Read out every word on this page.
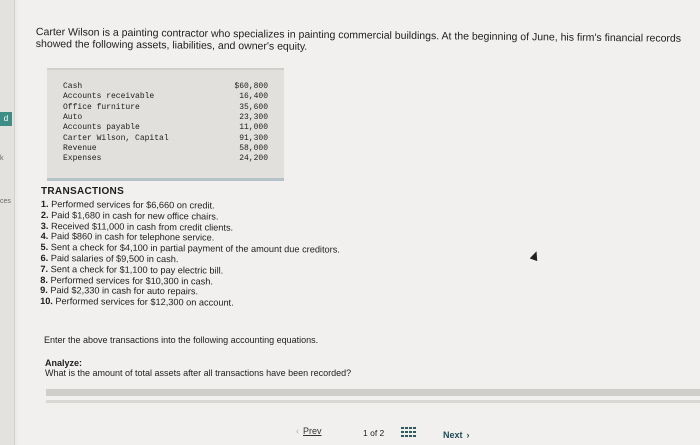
d
k
ces
Carter Wilson is a painting contractor who specializes in painting commercial buildings. At the beginning of June, his firm's financial records showed the following assets, liabilities, and owner's equity.
Cash	$60,800
Accounts receivable	16,400
Office furniture	35,600
Auto	23,300
Accounts payable	11,000
Carter Wilson, Capital	91,300
Revenue	58,000
Expenses	24,200
TRANSACTIONS
1. Performed services for $6,660 on credit.
2. Paid $1,680 in cash for new office chairs.
3. Received $11,000 in cash from credit clients.
4. Paid $860 in cash for telephone service.
5. Sent a check for $4,100 in partial payment of the amount due creditors.
6. Paid salaries of $9,500 in cash.
7. Sent a check for $1,100 to pay electric bill.
8. Performed services for $10,300 in cash.
9. Paid $2,330 in cash for auto repairs.
10. Performed services for $12,300 on account.
Enter the above transactions into the following accounting equations.
Analyze:
What is the amount of total assets after all transactions have been recorded?
‹ Prev	1 of 2	Next ›
